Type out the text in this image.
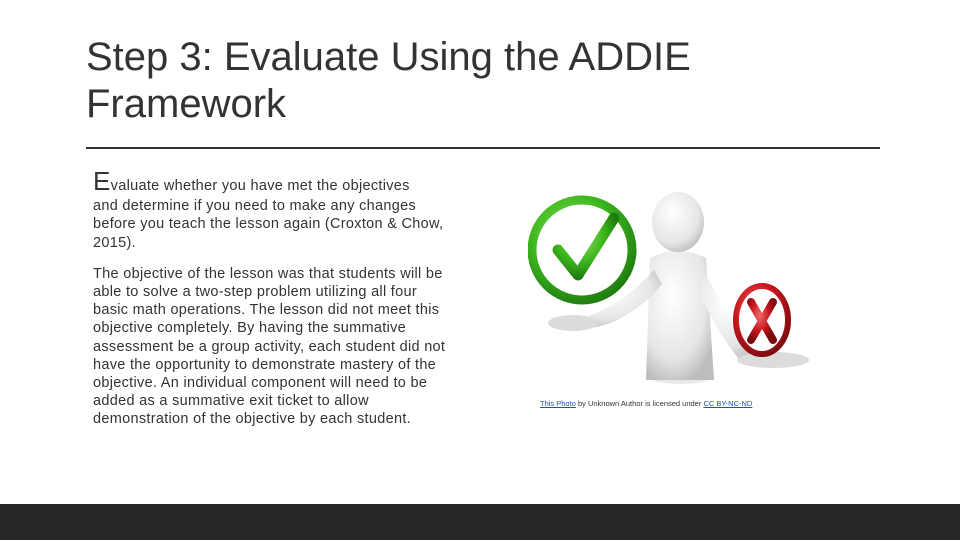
Step 3: Evaluate Using the ADDIE Framework

Evaluate whether you have met the objectives
and determine if you need to make any changes before you teach the lesson again (Croxton & Chow, 2015).

The objective of the lesson was that students will be able to solve a two-step problem utilizing all four basic math operations. The lesson did not meet this objective completely. By having the summative assessment be a group activity, each student did not have the opportunity to demonstrate mastery of the objective. An individual component will need to be added as a summative exit ticket to allow demonstration of the objective by each student.

This Photo by Unknown Author is licensed under CC BY-NC-ND
